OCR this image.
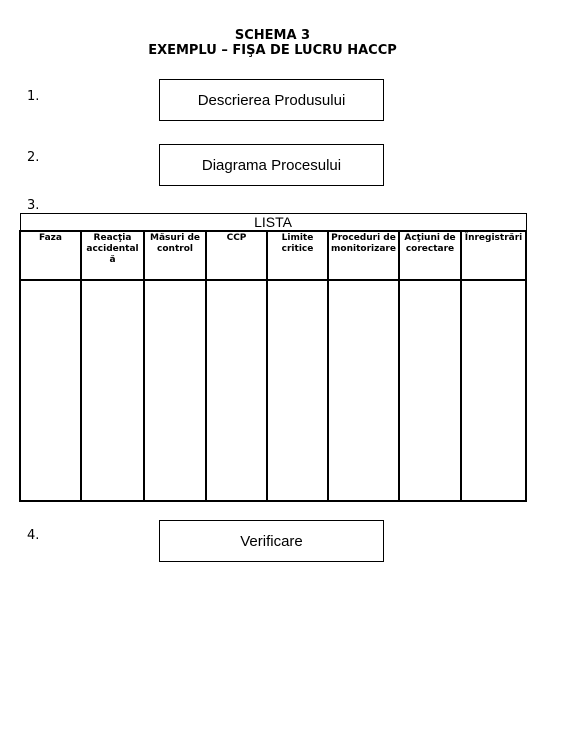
SCHEMA 3
EXEMPLU – FIŞA DE LUCRU HACCP
1.	Descrierea Produsului
2.	Diagrama Procesului
3.
LISTA							
Faza	Reacţia accidentală	Măsuri de control	CCP	Limite critice	Proceduri de monitorizare	Acţiuni de corectare	Înregistrări

4.	Verificare
